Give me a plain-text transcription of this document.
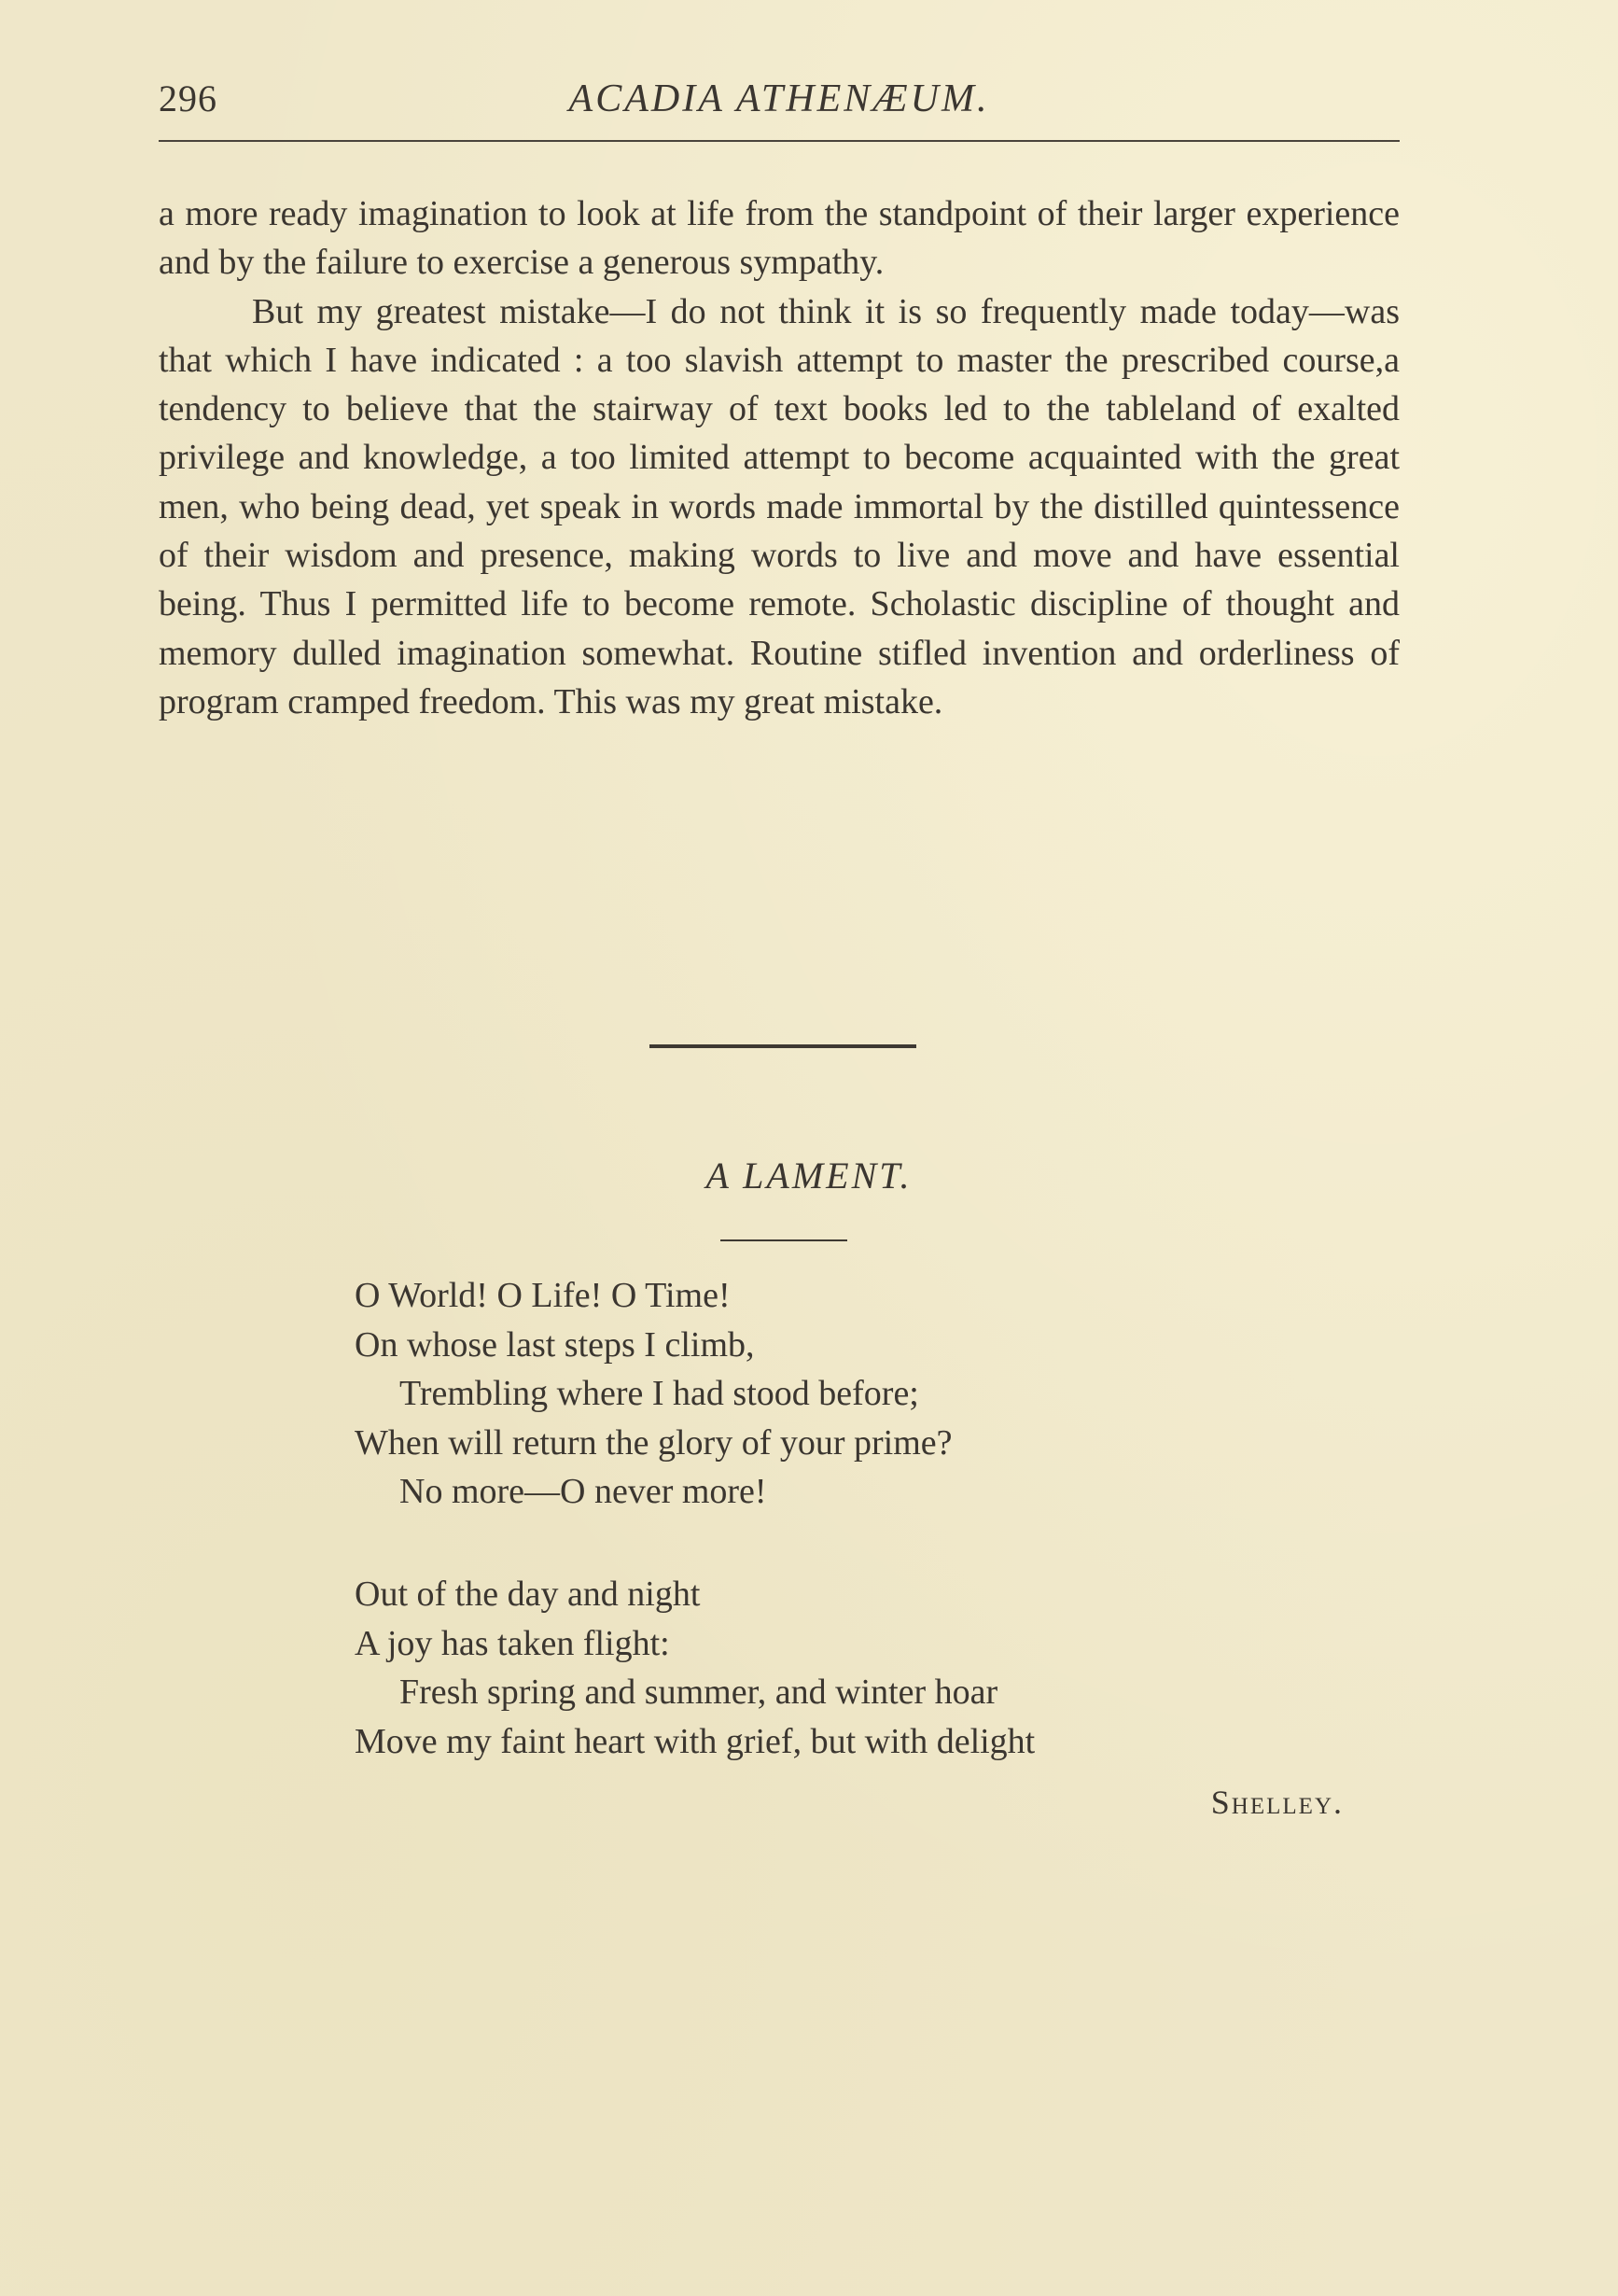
296	ACADIA ATHENÆUM.

a more ready imagination to look at life from the standpoint of their larger experience and by the failure to exercise a generous sympathy.

But my greatest mistake—I do not think it is so frequently made today—was that which I have indicated : a too slavish attempt to master the prescribed course,a tendency to believe that the stairway of text books led to the tableland of exalted privilege and knowledge, a too limited attempt to become acquainted with the great men, who being dead, yet speak in words made immortal by the distilled quintessence of their wisdom and presence, making words to live and move and have essential being. Thus I permitted life to become remote. Scholastic discipline of thought and memory dulled imagination somewhat. Routine stifled invention and orderliness of program cramped freedom. This was my great mistake.

A LAMENT.
O World! O Life! O Time!
On whose last steps I climb,
Trembling where I had stood before;
When will return the glory of your prime?
No more—O never more!
Out of the day and night
A joy has taken flight:
Fresh spring and summer, and winter hoar
Move my faint heart with grief, but with delight
Shelley.
